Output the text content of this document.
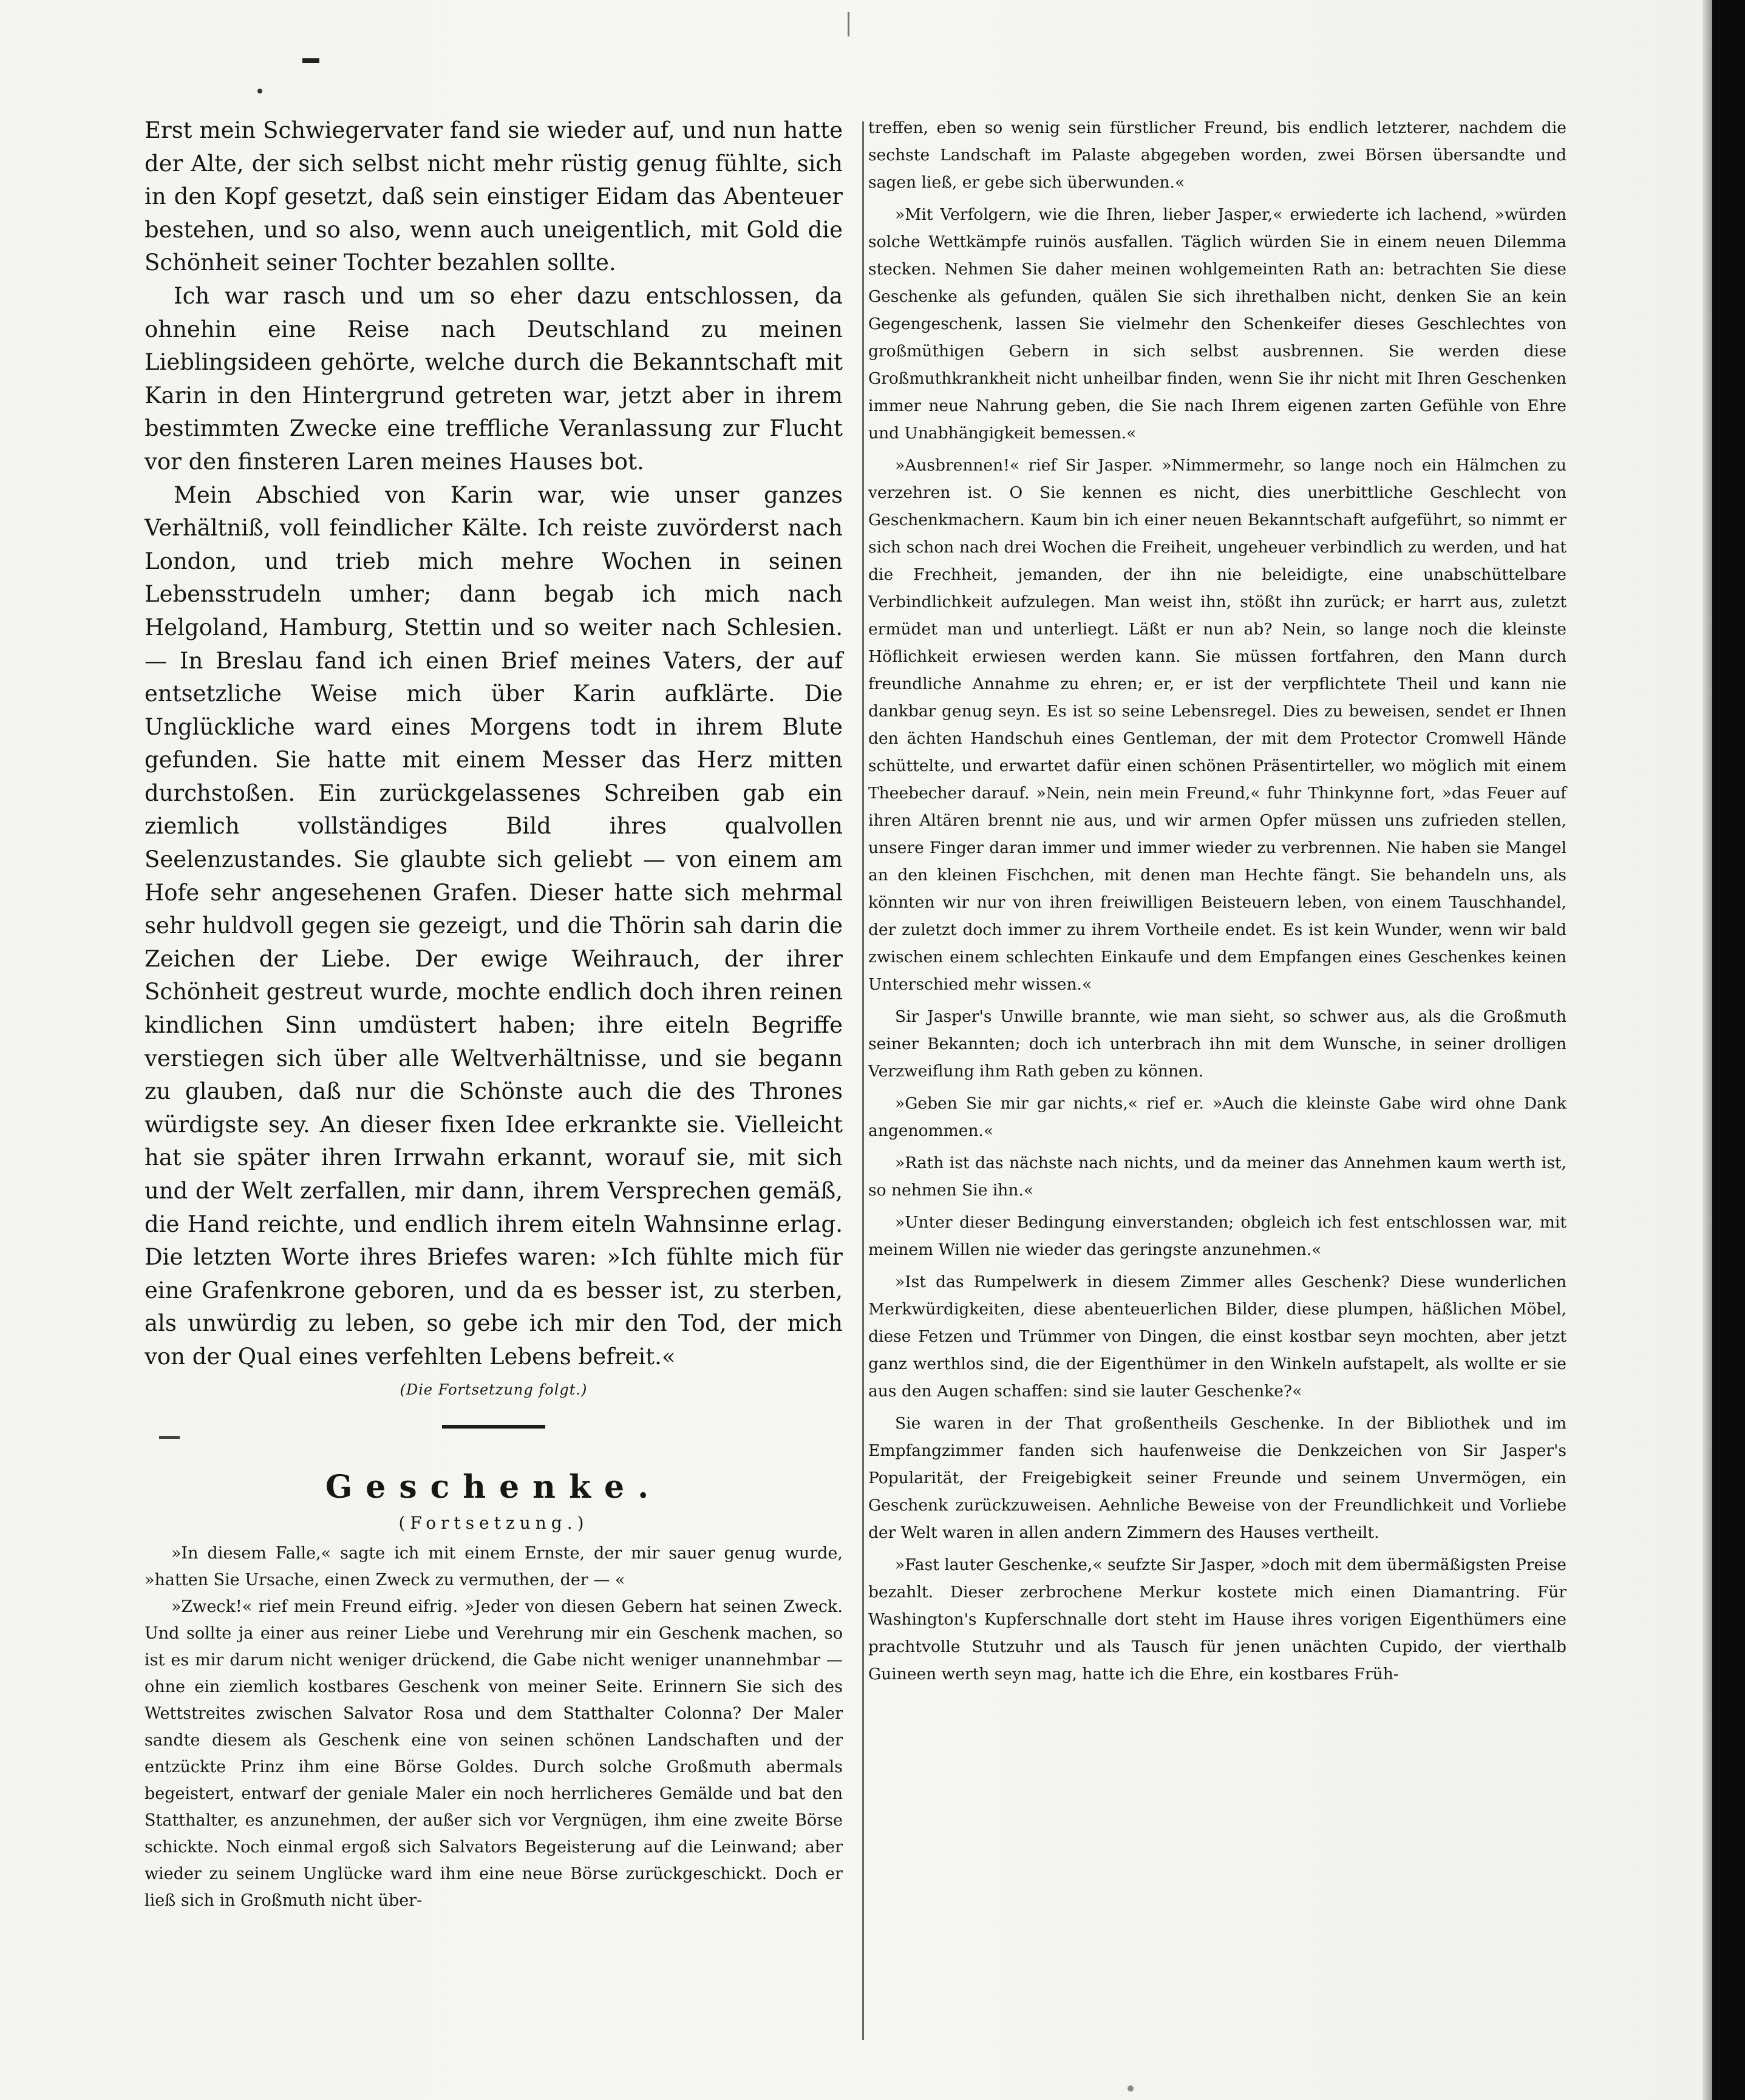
Erst mein Schwiegervater fand sie wieder auf, und nun hatte der Alte, der sich selbst nicht mehr rüstig genug fühlte, sich in den Kopf gesetzt, daß sein einstiger Eidam das Abenteuer bestehen, und so also, wenn auch uneigentlich, mit Gold die Schönheit seiner Tochter bezahlen sollte.

Ich war rasch und um so eher dazu entschlossen, da ohnehin eine Reise nach Deutschland zu meinen Lieblingsideen gehörte, welche durch die Bekanntschaft mit Karin in den Hintergrund getreten war, jetzt aber in ihrem bestimmten Zwecke eine treffliche Veranlassung zur Flucht vor den finsteren Laren meines Hauses bot.

Mein Abschied von Karin war, wie unser ganzes Verhältniß, voll feindlicher Kälte. Ich reiste zuvörderst nach London, und trieb mich mehre Wochen in seinen Lebensstrudeln umher; dann begab ich mich nach Helgoland, Hamburg, Stettin und so weiter nach Schlesien. — In Breslau fand ich einen Brief meines Vaters, der auf entsetzliche Weise mich über Karin aufklärte. Die Unglückliche ward eines Morgens todt in ihrem Blute gefunden. Sie hatte mit einem Messer das Herz mitten durchstoßen. Ein zurückgelassenes Schreiben gab ein ziemlich vollständiges Bild ihres qualvollen Seelenzustandes. Sie glaubte sich geliebt — von einem am Hofe sehr angesehenen Grafen. Dieser hatte sich mehrmal sehr huldvoll gegen sie gezeigt, und die Thörin sah darin die Zeichen der Liebe. Der ewige Weihrauch, der ihrer Schönheit gestreut wurde, mochte endlich doch ihren reinen kindlichen Sinn umdüstert haben; ihre eiteln Begriffe verstiegen sich über alle Weltverhältnisse, und sie begann zu glauben, daß nur die Schönste auch die des Thrones würdigste sey. An dieser fixen Idee erkrankte sie. Vielleicht hat sie später ihren Irrwahn erkannt, worauf sie, mit sich und der Welt zerfallen, mir dann, ihrem Versprechen gemäß, die Hand reichte, und endlich ihrem eiteln Wahnsinne erlag. Die letzten Worte ihres Briefes waren: »Ich fühlte mich für eine Grafenkrone geboren, und da es besser ist, zu sterben, als unwürdig zu leben, so gebe ich mir den Tod, der mich von der Qual eines verfehlten Lebens befreit.«

(Die Fortsetzung folgt.)

Geschenke.
(Fortsetzung.)

»In diesem Falle,« sagte ich mit einem Ernste, der mir sauer genug wurde, »hatten Sie Ursache, einen Zweck zu vermuthen, der — «

»Zweck!« rief mein Freund eifrig. »Jeder von diesen Gebern hat seinen Zweck. Und sollte ja einer aus reiner Liebe und Verehrung mir ein Geschenk machen, so ist es mir darum nicht weniger drückend, die Gabe nicht weniger unannehmbar — ohne ein ziemlich kostbares Geschenk von meiner Seite. Erinnern Sie sich des Wettstreites zwischen Salvator Rosa und dem Statthalter Colonna? Der Maler sandte diesem als Geschenk eine von seinen schönen Landschaften und der entzückte Prinz ihm eine Börse Goldes. Durch solche Großmuth abermals begeistert, entwarf der geniale Maler ein noch herrlicheres Gemälde und bat den Statthalter, es anzunehmen, der außer sich vor Vergnügen, ihm eine zweite Börse schickte. Noch einmal ergoß sich Salvators Begeisterung auf die Leinwand; aber wieder zu seinem Unglücke ward ihm eine neue Börse zurückgeschickt. Doch er ließ sich in Großmuth nicht über-

treffen, eben so wenig sein fürstlicher Freund, bis endlich letzterer, nachdem die sechste Landschaft im Palaste abgegeben worden, zwei Börsen übersandte und sagen ließ, er gebe sich überwunden.«

»Mit Verfolgern, wie die Ihren, lieber Jasper,« erwiederte ich lachend, »würden solche Wettkämpfe ruinös ausfallen. Täglich würden Sie in einem neuen Dilemma stecken. Nehmen Sie daher meinen wohlgemeinten Rath an: betrachten Sie diese Geschenke als gefunden, quälen Sie sich ihrethalben nicht, denken Sie an kein Gegengeschenk, lassen Sie vielmehr den Schenkeifer dieses Geschlechtes von großmüthigen Gebern in sich selbst ausbrennen. Sie werden diese Großmuthkrankheit nicht unheilbar finden, wenn Sie ihr nicht mit Ihren Geschenken immer neue Nahrung geben, die Sie nach Ihrem eigenen zarten Gefühle von Ehre und Unabhängigkeit bemessen.«

»Ausbrennen!« rief Sir Jasper. »Nimmermehr, so lange noch ein Hälmchen zu verzehren ist. O Sie kennen es nicht, dies unerbittliche Geschlecht von Geschenkmachern. Kaum bin ich einer neuen Bekanntschaft aufgeführt, so nimmt er sich schon nach drei Wochen die Freiheit, ungeheuer verbindlich zu werden, und hat die Frechheit, jemanden, der ihn nie beleidigte, eine unabschüttelbare Verbindlichkeit aufzulegen. Man weist ihn, stößt ihn zurück; er harrt aus, zuletzt ermüdet man und unterliegt. Läßt er nun ab? Nein, so lange noch die kleinste Höflichkeit erwiesen werden kann. Sie müssen fortfahren, den Mann durch freundliche Annahme zu ehren; er, er ist der verpflichtete Theil und kann nie dankbar genug seyn. Es ist so seine Lebensregel. Dies zu beweisen, sendet er Ihnen den ächten Handschuh eines Gentleman, der mit dem Protector Cromwell Hände schüttelte, und erwartet dafür einen schönen Präsentirteller, wo möglich mit einem Theebecher darauf. »Nein, nein mein Freund,« fuhr Thinkynne fort, »das Feuer auf ihren Altären brennt nie aus, und wir armen Opfer müssen uns zufrieden stellen, unsere Finger daran immer und immer wieder zu verbrennen. Nie haben sie Mangel an den kleinen Fischchen, mit denen man Hechte fängt. Sie behandeln uns, als könnten wir nur von ihren freiwilligen Beisteuern leben, von einem Tauschhandel, der zuletzt doch immer zu ihrem Vortheile endet. Es ist kein Wunder, wenn wir bald zwischen einem schlechten Einkaufe und dem Empfangen eines Geschenkes keinen Unterschied mehr wissen.«

Sir Jasper's Unwille brannte, wie man sieht, so schwer aus, als die Großmuth seiner Bekannten; doch ich unterbrach ihn mit dem Wunsche, in seiner drolligen Verzweiflung ihm Rath geben zu können.

»Geben Sie mir gar nichts,« rief er. »Auch die kleinste Gabe wird ohne Dank angenommen.«

»Rath ist das nächste nach nichts, und da meiner das Annehmen kaum werth ist, so nehmen Sie ihn.«

»Unter dieser Bedingung einverstanden; obgleich ich fest entschlossen war, mit meinem Willen nie wieder das geringste anzunehmen.«

»Ist das Rumpelwerk in diesem Zimmer alles Geschenk? Diese wunderlichen Merkwürdigkeiten, diese abenteuerlichen Bilder, diese plumpen, häßlichen Möbel, diese Fetzen und Trümmer von Dingen, die einst kostbar seyn mochten, aber jetzt ganz werthlos sind, die der Eigenthümer in den Winkeln aufstapelt, als wollte er sie aus den Augen schaffen: sind sie lauter Geschenke?«

Sie waren in der That großentheils Geschenke. In der Bibliothek und im Empfangzimmer fanden sich haufenweise die Denkzeichen von Sir Jasper's Popularität, der Freigebigkeit seiner Freunde und seinem Unvermögen, ein Geschenk zurückzuweisen. Aehnliche Beweise von der Freundlichkeit und Vorliebe der Welt waren in allen andern Zimmern des Hauses vertheilt.

»Fast lauter Geschenke,« seufzte Sir Jasper, »doch mit dem übermäßigsten Preise bezahlt. Dieser zerbrochene Merkur kostete mich einen Diamantring. Für Washington's Kupferschnalle dort steht im Hause ihres vorigen Eigenthümers eine prachtvolle Stutzuhr und als Tausch für jenen unächten Cupido, der vierthalb Guineen werth seyn mag, hatte ich die Ehre, ein kostbares Früh-
